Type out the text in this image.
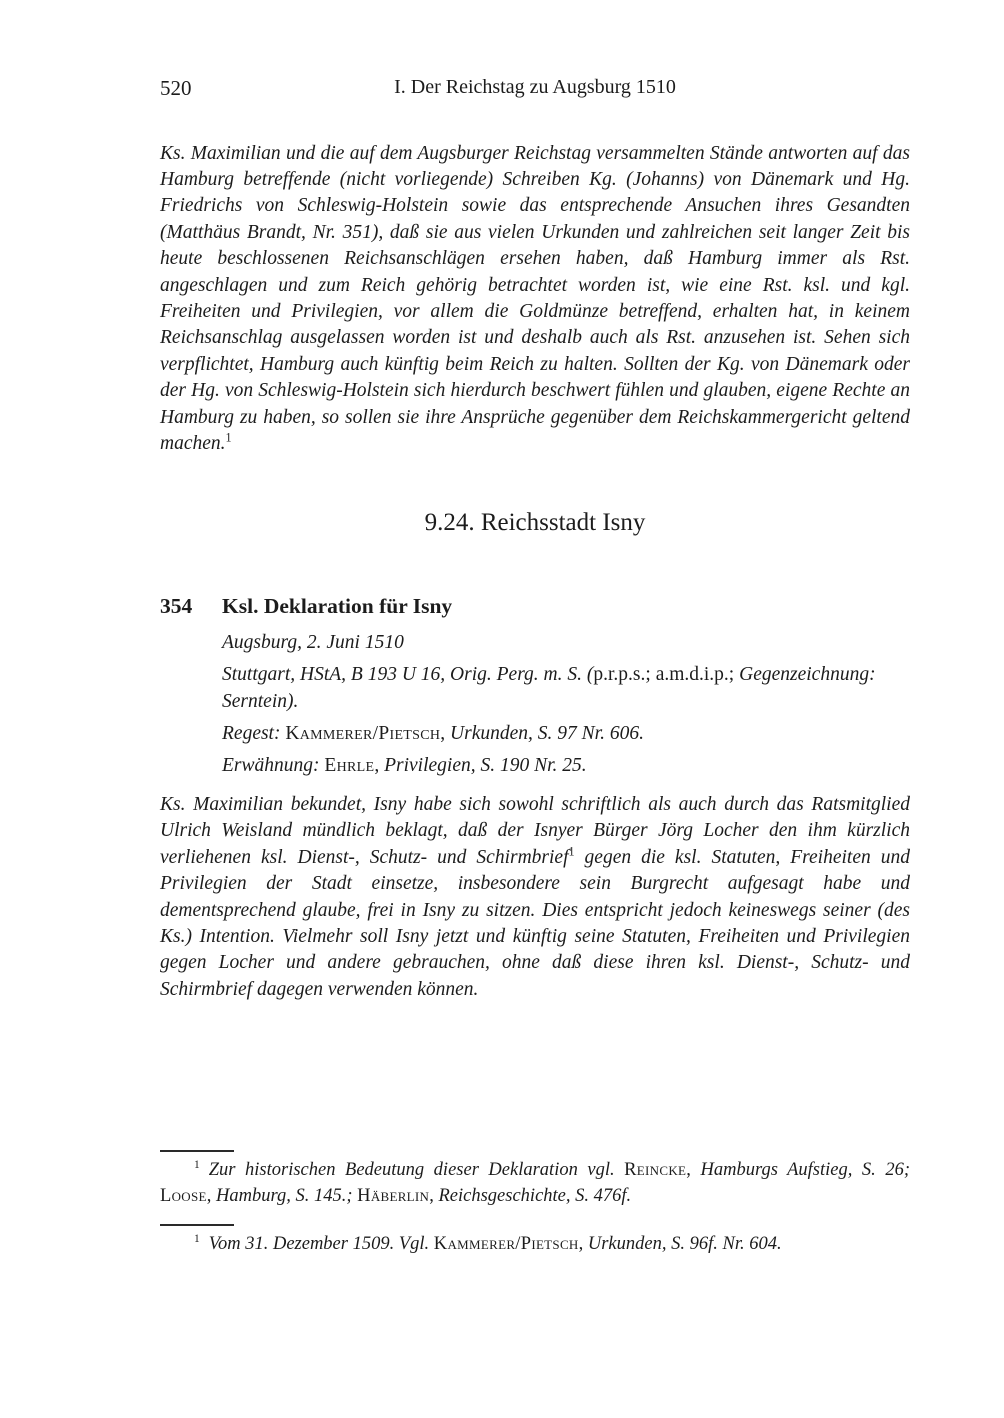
520	I. Der Reichstag zu Augsburg 1510

Ks. Maximilian und die auf dem Augsburger Reichstag versammelten Stände antworten auf das Hamburg betreffende (nicht vorliegende) Schreiben Kg. (Johanns) von Dänemark und Hg. Friedrichs von Schleswig-Holstein sowie das entsprechende Ansuchen ihres Gesandten (Matthäus Brandt, Nr. 351), daß sie aus vielen Urkunden und zahlreichen seit langer Zeit bis heute beschlossenen Reichsanschlägen ersehen haben, daß Hamburg immer als Rst. angeschlagen und zum Reich gehörig betrachtet worden ist, wie eine Rst. ksl. und kgl. Freiheiten und Privilegien, vor allem die Goldmünze betreffend, erhalten hat, in keinem Reichsanschlag ausgelassen worden ist und deshalb auch als Rst. anzusehen ist. Sehen sich verpflichtet, Hamburg auch künftig beim Reich zu halten. Sollten der Kg. von Dänemark oder der Hg. von Schleswig-Holstein sich hierdurch beschwert fühlen und glauben, eigene Rechte an Hamburg zu haben, so sollen sie ihre Ansprüche gegenüber dem Reichskammergericht geltend machen.$^1$

9.24. Reichsstadt Isny
354	Ksl. Deklaration für Isny

Augsburg, 2. Juni 1510

Stuttgart, HStA, B 193 U 16, Orig. Perg. m. S. (p.r.p.s.; a.m.d.i.p.; Gegenzeichnung: Serntein).

Regest: Kammerer/Pietsch, Urkunden, S. 97 Nr. 606.

Erwähnung: Ehrle, Privilegien, S. 190 Nr. 25.

Ks. Maximilian bekundet, Isny habe sich sowohl schriftlich als auch durch das Ratsmitglied Ulrich Weisland mündlich beklagt, daß der Isnyer Bürger Jörg Locher den ihm kürzlich verliehenen ksl. Dienst-, Schutz- und Schirmbrief$^1$ gegen die ksl. Statuten, Freiheiten und Privilegien der Stadt einsetze, insbesondere sein Burgrecht aufgesagt habe und dementsprechend glaube, frei in Isny zu sitzen. Dies entspricht jedoch keineswegs seiner (des Ks.) Intention. Vielmehr soll Isny jetzt und künftig seine Statuten, Freiheiten und Privilegien gegen Locher und andere gebrauchen, ohne daß diese ihren ksl. Dienst-, Schutz- und Schirmbrief dagegen verwenden können.

$^1$ Zur historischen Bedeutung dieser Deklaration vgl. Reincke, Hamburgs Aufstieg, S. 26; Loose, Hamburg, S. 145.; Häberlin, Reichsgeschichte, S. 476f.

$^1$ Vom 31. Dezember 1509. Vgl. Kammerer/Pietsch, Urkunden, S. 96f. Nr. 604.
